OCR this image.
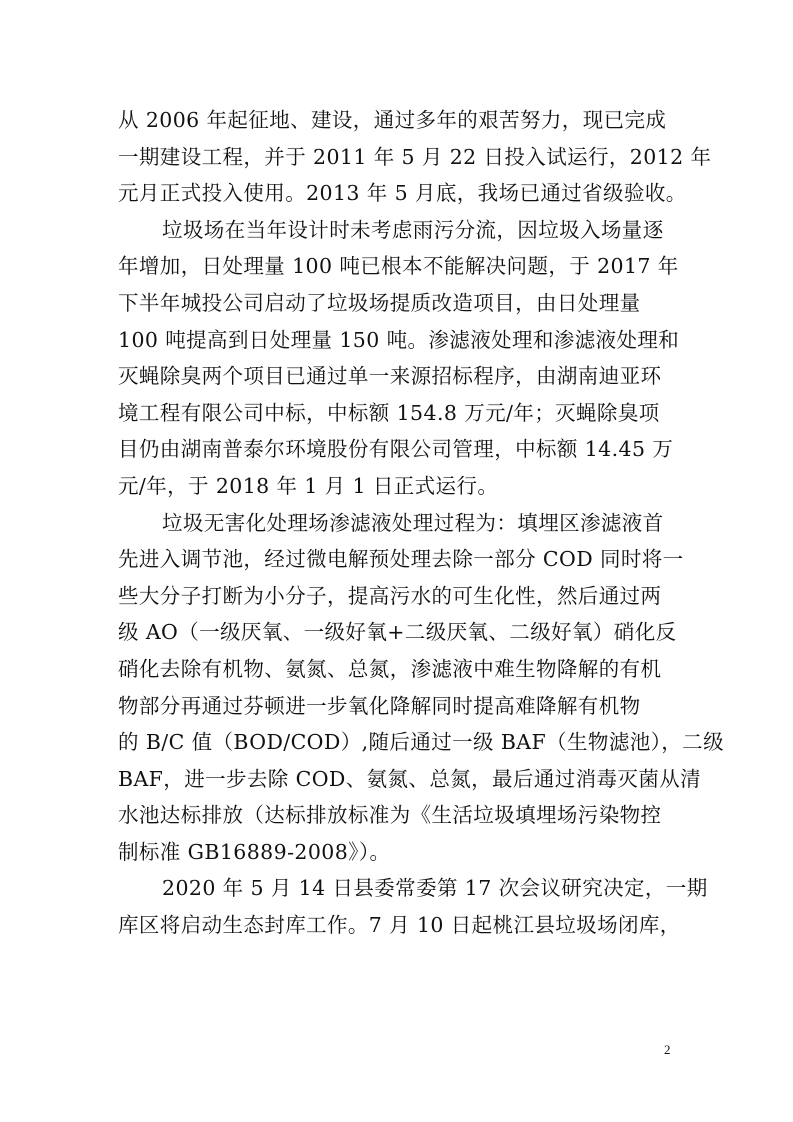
从 2006 年起征地、建设，通过多年的艰苦努力，现已完成
一期建设工程，并于 2011 年 5 月 22 日投入试运行，2012 年
元月正式投入使用。2013 年 5 月底，我场已通过省级验收。
垃圾场在当年设计时未考虑雨污分流，因垃圾入场量逐
年增加，日处理量 100 吨已根本不能解决问题，于 2017 年
下半年城投公司启动了垃圾场提质改造项目，由日处理量
100 吨提高到日处理量 150 吨。渗滤液处理和渗滤液处理和
灭蝇除臭两个项目已通过单一来源招标程序，由湖南迪亚环
境工程有限公司中标，中标额 154.8 万元/年；灭蝇除臭项
目仍由湖南普泰尔环境股份有限公司管理，中标额 14.45 万
元/年，于 2018 年 1 月 1 日正式运行。
垃圾无害化处理场渗滤液处理过程为：填埋区渗滤液首
先进入调节池，经过微电解预处理去除一部分 COD 同时将一
些大分子打断为小分子，提高污水的可生化性，然后通过两
级 AO（一级厌氧、一级好氧+二级厌氧、二级好氧）硝化反
硝化去除有机物、氨氮、总氮，渗滤液中难生物降解的有机
物部分再通过芬顿进一步氧化降解同时提高难降解有机物
的 B/C 值（BOD/COD）,随后通过一级 BAF（生物滤池），二级
BAF，进一步去除 COD、氨氮、总氮，最后通过消毒灭菌从清
水池达标排放（达标排放标准为《生活垃圾填埋场污染物控
制标准 GB16889-2008》）。
2020 年 5 月 14 日县委常委第 17 次会议研究决定，一期
库区将启动生态封库工作。7 月 10 日起桃江县垃圾场闭库，
2
